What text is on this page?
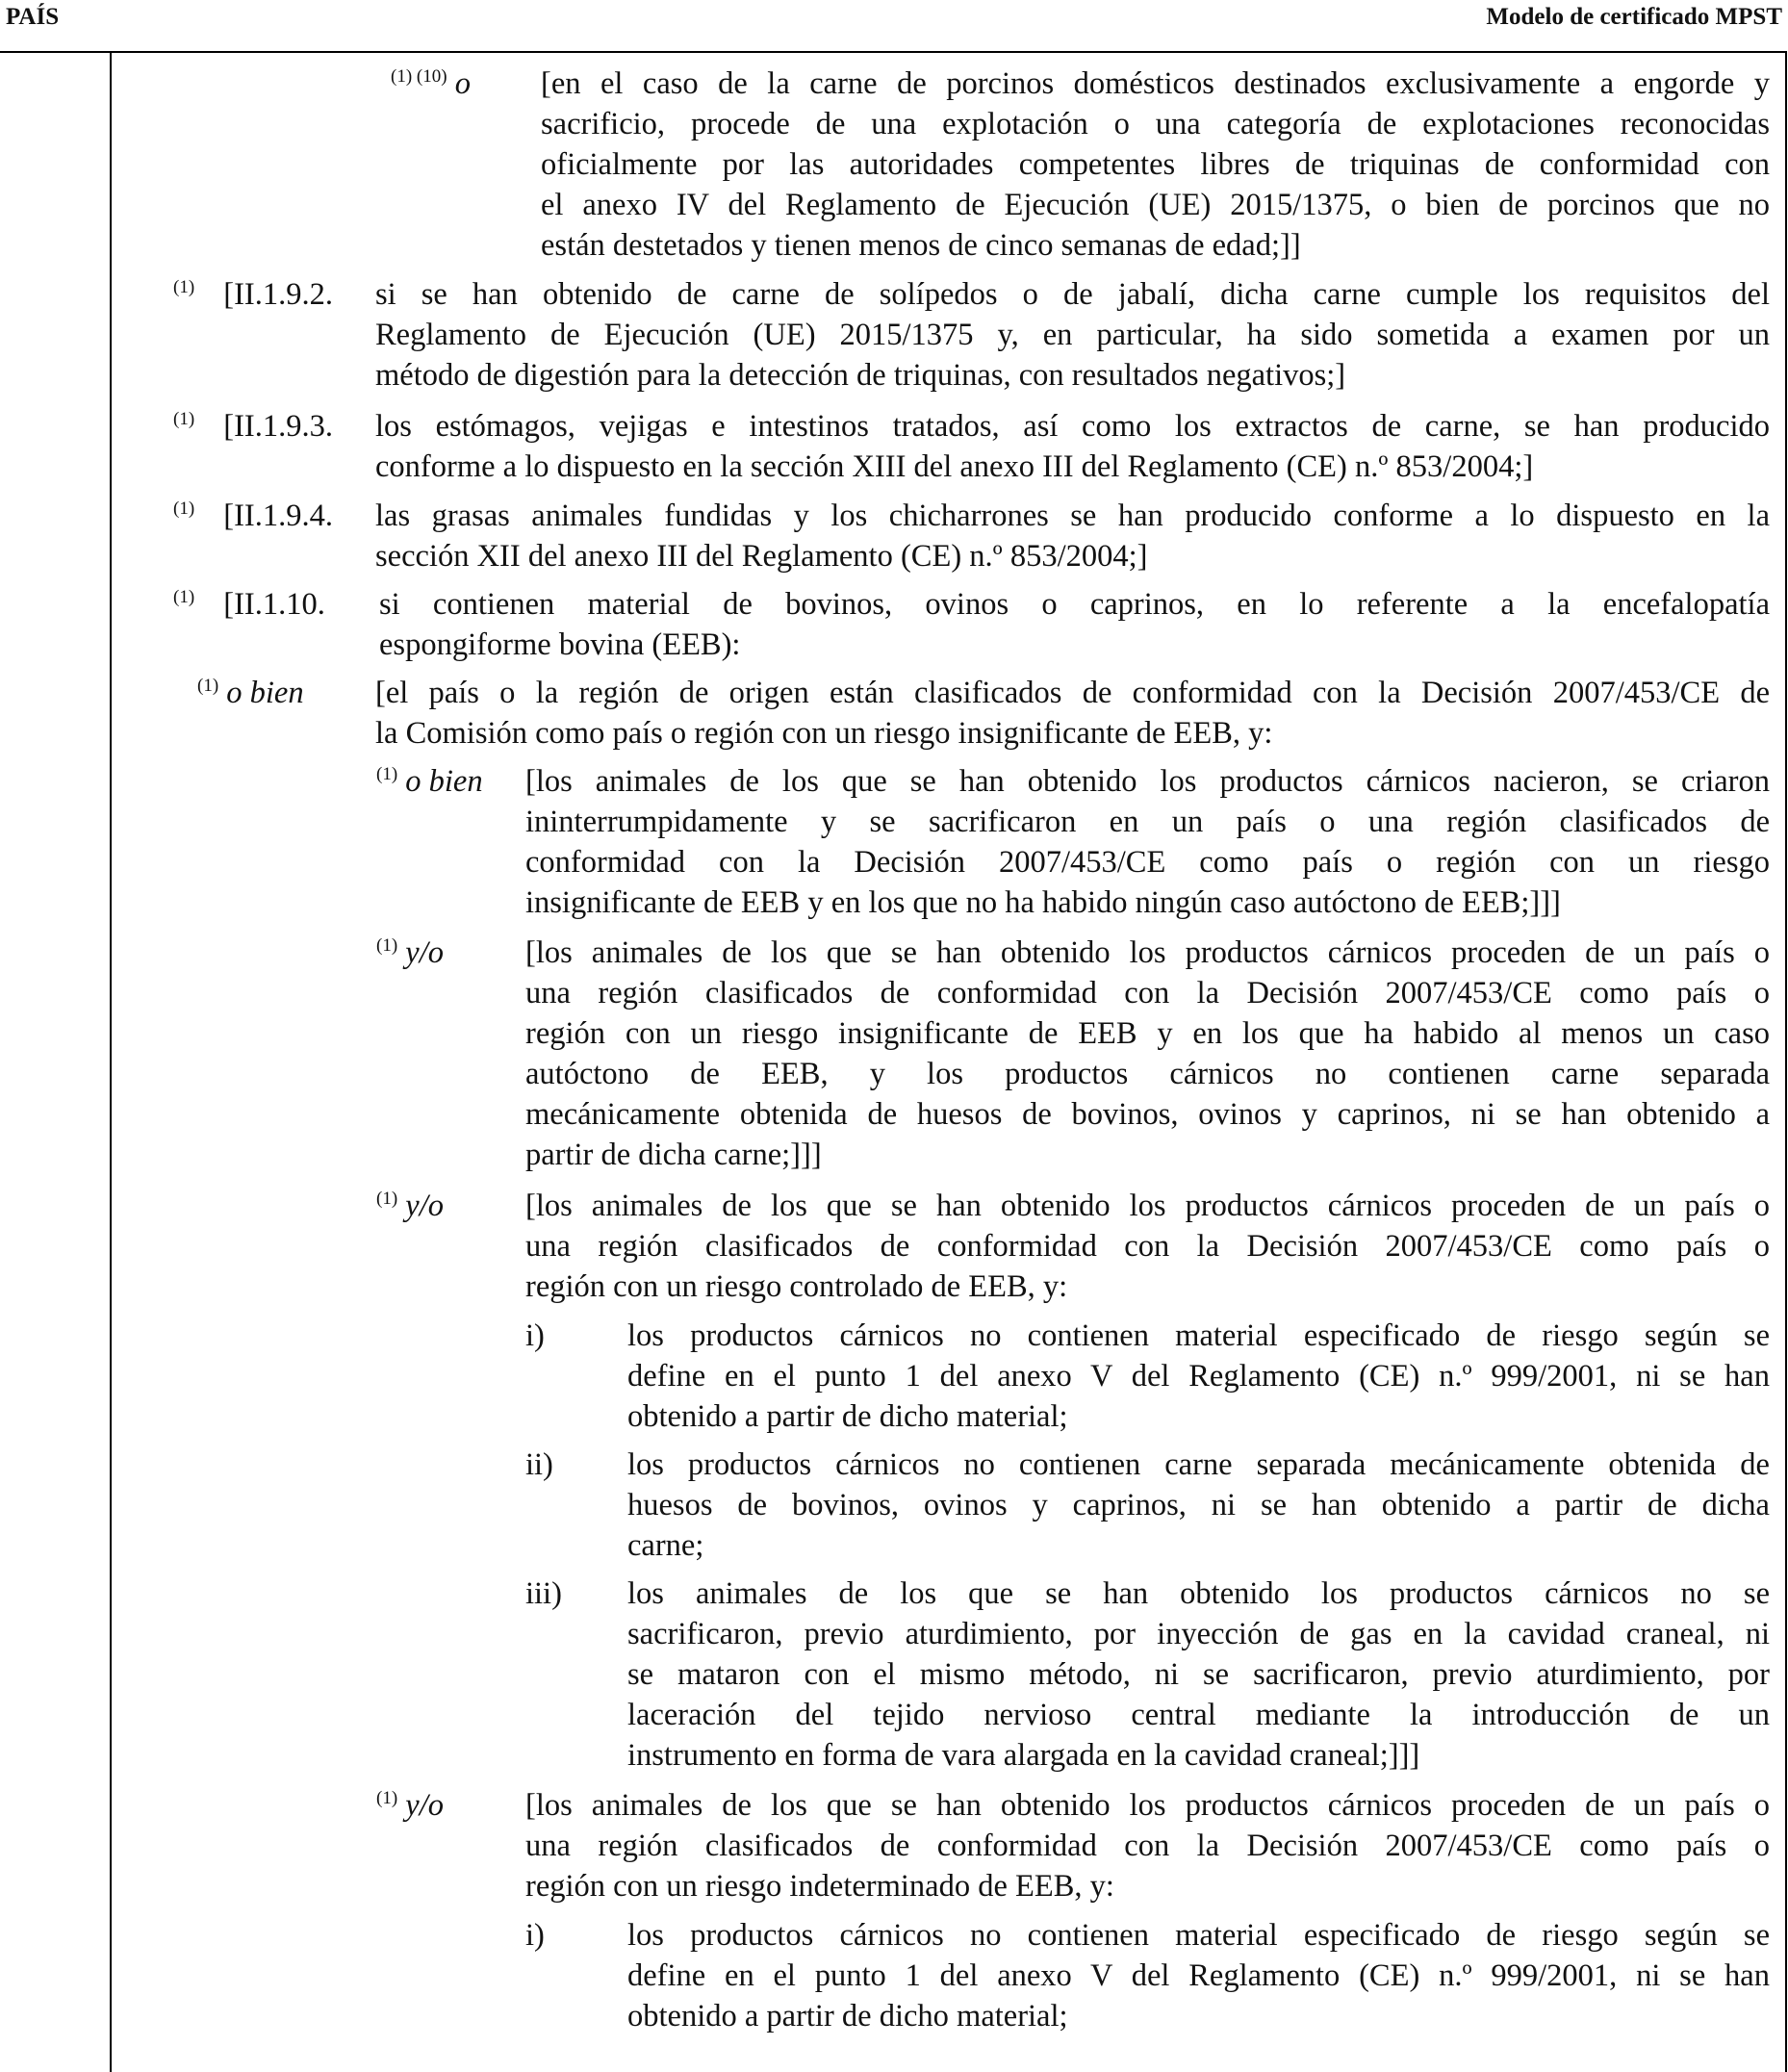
PAÍS	Modelo de certificado MPST
$^{(1) (10)}$ o [en el caso de la carne de porcinos domésticos destinados exclusivamente a engorde y
sacrificio, procede de una explotación o una categoría de explotaciones reconocidas
oficialmente por las autoridades competentes libres de triquinas de conformidad con
el anexo IV del Reglamento de Ejecución (UE) 2015/1375, o bien de porcinos que no
están destetados y tienen menos de cinco semanas de edad;]]
$^{(1)}$ [II.1.9.2. si se han obtenido de carne de solípedos o de jabalí, dicha carne cumple los requisitos del
Reglamento de Ejecución (UE) 2015/1375 y, en particular, ha sido sometida a examen por un
método de digestión para la detección de triquinas, con resultados negativos;]
$^{(1)}$ [II.1.9.3. los estómagos, vejigas e intestinos tratados, así como los extractos de carne, se han producido
conforme a lo dispuesto en la sección XIII del anexo III del Reglamento (CE) n.º 853/2004;]
$^{(1)}$ [II.1.9.4. las grasas animales fundidas y los chicharrones se han producido conforme a lo dispuesto en la
sección XII del anexo III del Reglamento (CE) n.º 853/2004;]
$^{(1)}$ [II.1.10. si contienen material de bovinos, ovinos o caprinos, en lo referente a la encefalopatía
espongiforme bovina (EEB):
$^{(1)}$ o bien [el país o la región de origen están clasificados de conformidad con la Decisión 2007/453/CE de
la Comisión como país o región con un riesgo insignificante de EEB, y:
$^{(1)}$ o bien [los animales de los que se han obtenido los productos cárnicos nacieron, se criaron
ininterrumpidamente y se sacrificaron en un país o una región clasificados de
conformidad con la Decisión 2007/453/CE como país o región con un riesgo
insignificante de EEB y en los que no ha habido ningún caso autóctono de EEB;]]]
$^{(1)}$ y/o	[los animales de los que se han obtenido los productos cárnicos proceden de un país o
una región clasificados de conformidad con la Decisión 2007/453/CE como país o
región con un riesgo insignificante de EEB y en los que ha habido al menos un caso
autóctono de EEB, y los productos cárnicos no contienen carne separada
mecánicamente obtenida de huesos de bovinos, ovinos y caprinos, ni se han obtenido a
partir de dicha carne;]]]
$^{(1)}$ y/o	[los animales de los que se han obtenido los productos cárnicos proceden de un país o
una región clasificados de conformidad con la Decisión 2007/453/CE como país o
región con un riesgo controlado de EEB, y:
i)	los productos cárnicos no contienen material especificado de riesgo según se
define en el punto 1 del anexo V del Reglamento (CE) n.º 999/2001, ni se han
obtenido a partir de dicho material;
ii) los productos cárnicos no contienen carne separada mecánicamente obtenida de
huesos de bovinos, ovinos y caprinos, ni se han obtenido a partir de dicha
carne;
iii) los animales de los que se han obtenido los productos cárnicos no se
sacrificaron, previo aturdimiento, por inyección de gas en la cavidad craneal, ni
se mataron con el mismo método, ni se sacrificaron, previo aturdimiento, por
laceración del tejido nervioso central mediante la introducción de un
instrumento en forma de vara alargada en la cavidad craneal;]]]
$^{(1)}$ y/o	[los animales de los que se han obtenido los productos cárnicos proceden de un país o
una región clasificados de conformidad con la Decisión 2007/453/CE como país o
región con un riesgo indeterminado de EEB, y:
i)	los productos cárnicos no contienen material especificado de riesgo según se
define en el punto 1 del anexo V del Reglamento (CE) n.º 999/2001, ni se han
obtenido a partir de dicho material;
